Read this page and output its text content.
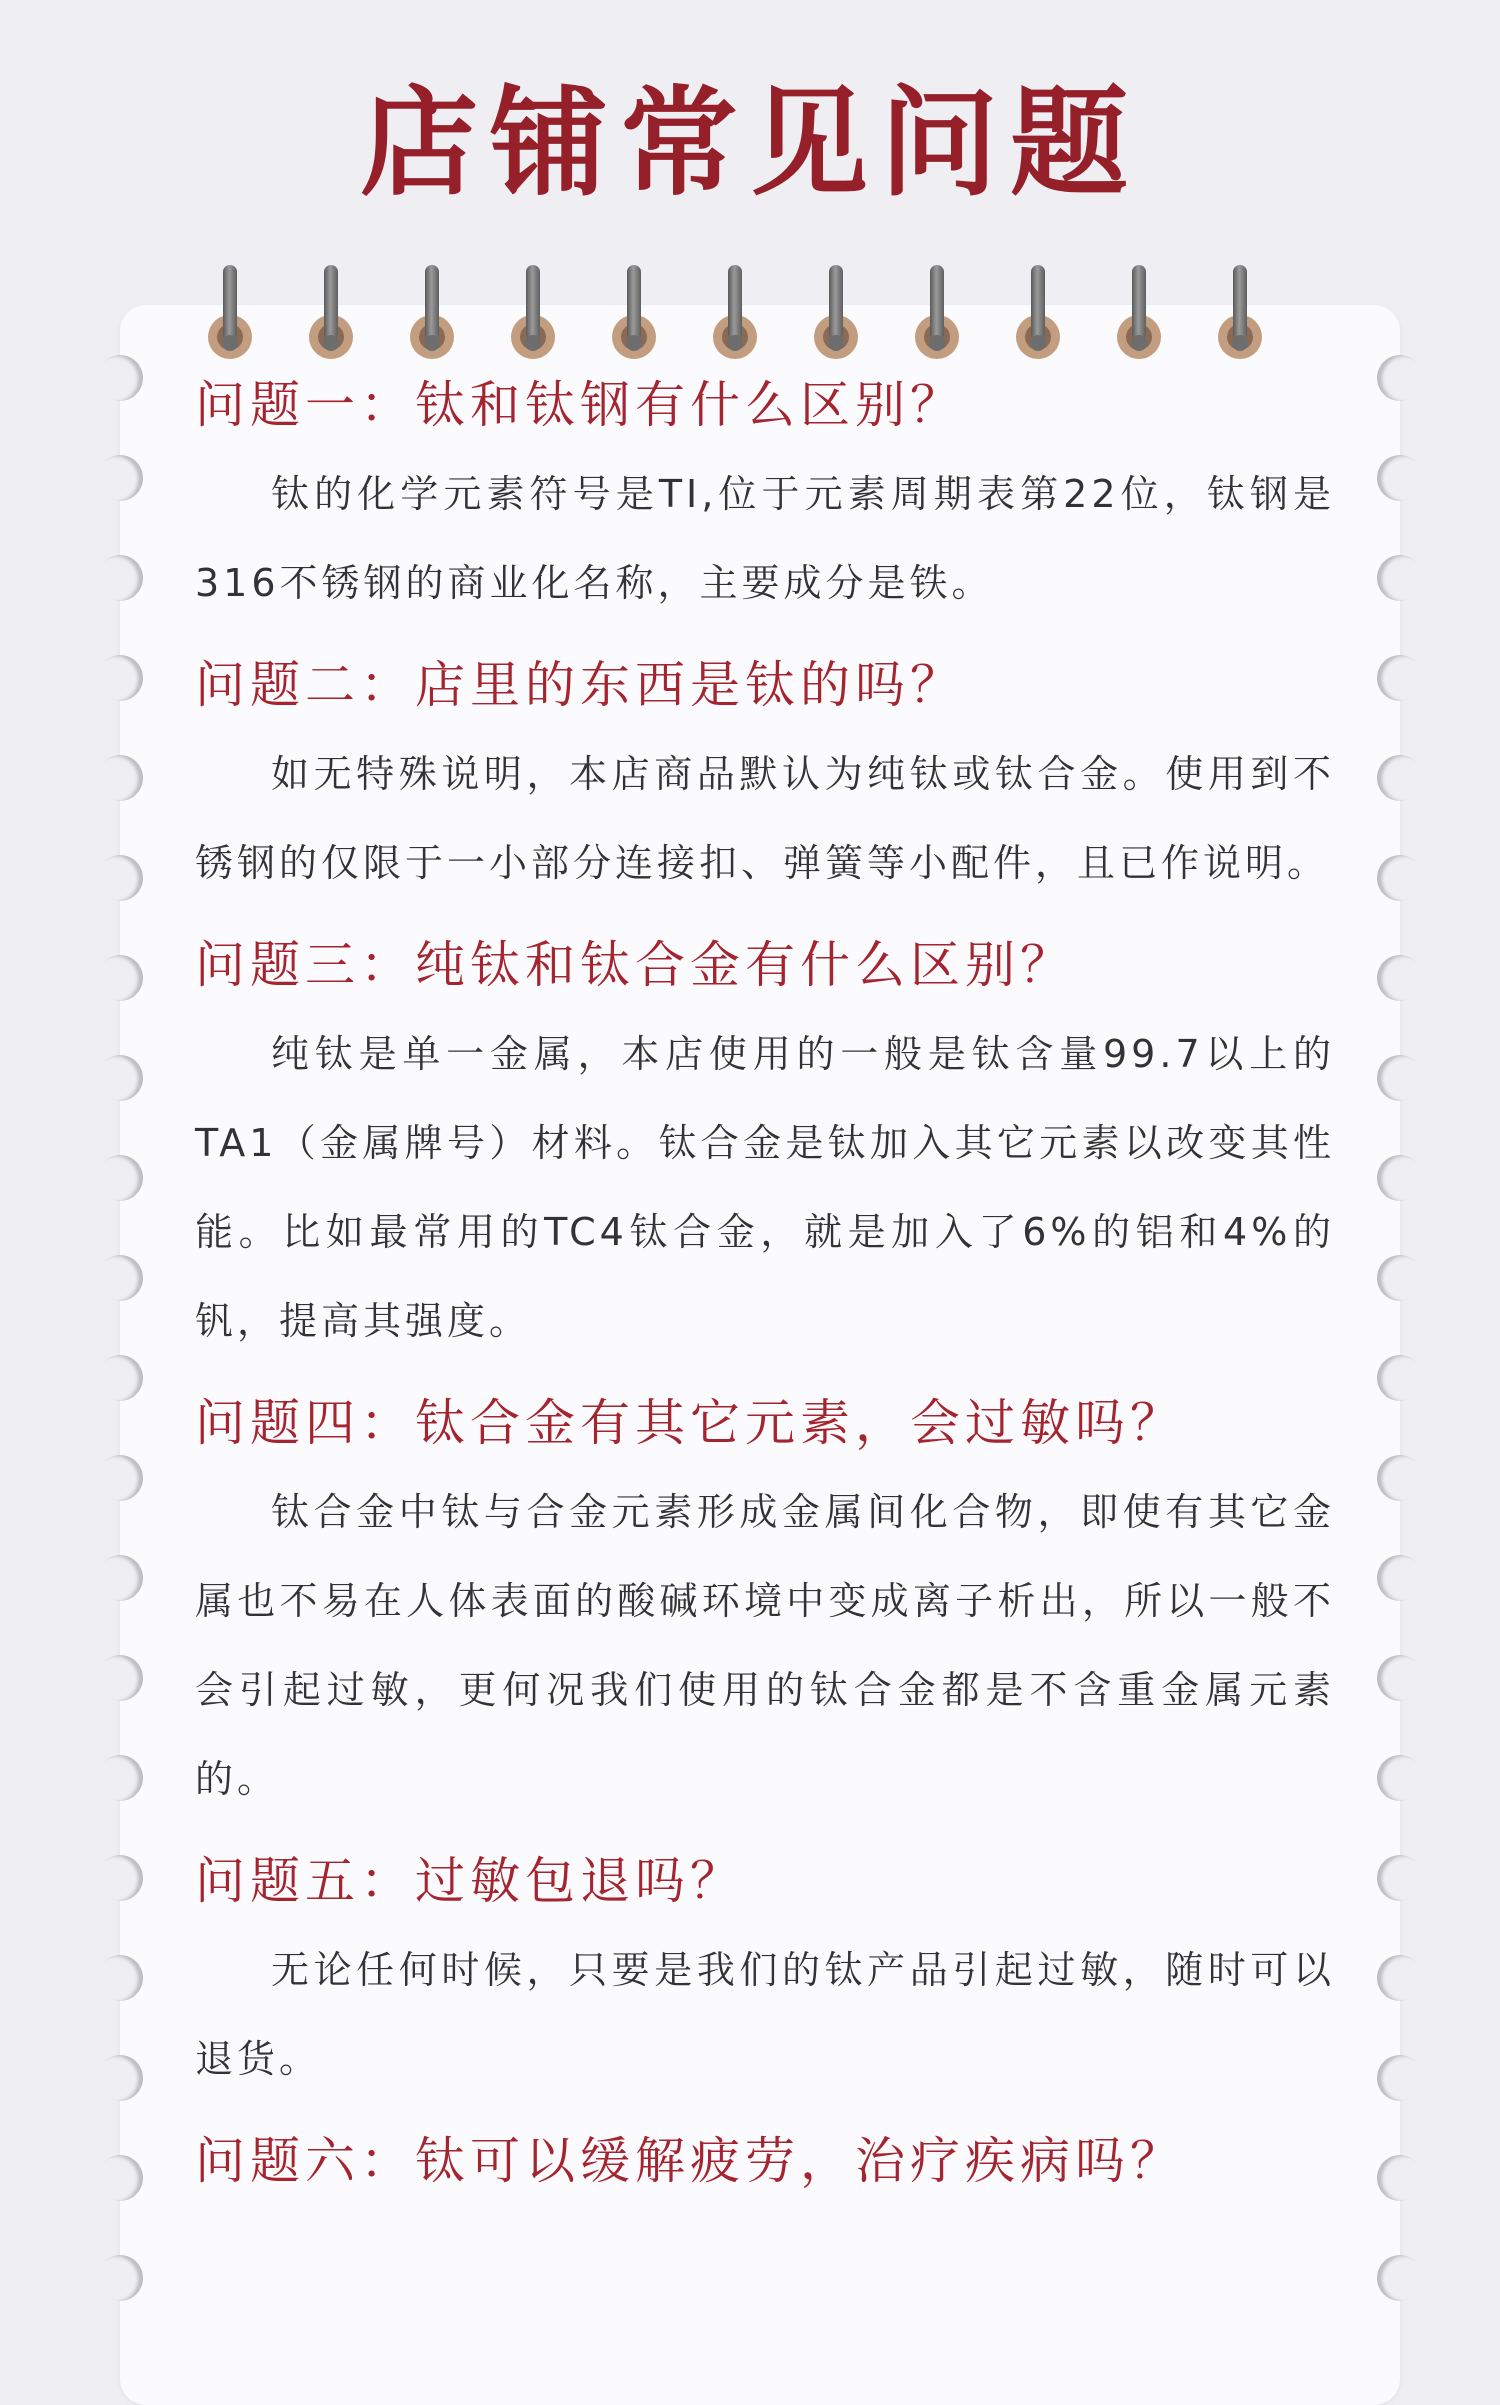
店铺常见问题

问题一：钛和钛钢有什么区别？

钛的化学元素符号是TI,位于元素周期表第22位，钛钢是316不锈钢的商业化名称，主要成分是铁。

问题二：店里的东西是钛的吗？

如无特殊说明，本店商品默认为纯钛或钛合金。使用到不锈钢的仅限于一小部分连接扣、弹簧等小配件，且已作说明。

问题三：纯钛和钛合金有什么区别？

纯钛是单一金属，本店使用的一般是钛含量99.7以上的TA1（金属牌号）材料。钛合金是钛加入其它元素以改变其性能。比如最常用的TC4钛合金，就是加入了6%的铝和4%的钒，提高其强度。

问题四：钛合金有其它元素，会过敏吗？

钛合金中钛与合金元素形成金属间化合物，即使有其它金属也不易在人体表面的酸碱环境中变成离子析出，所以一般不会引起过敏，更何况我们使用的钛合金都是不含重金属元素的。

问题五：过敏包退吗？

无论任何时候，只要是我们的钛产品引起过敏，随时可以退货。

问题六：钛可以缓解疲劳，治疗疾病吗？
